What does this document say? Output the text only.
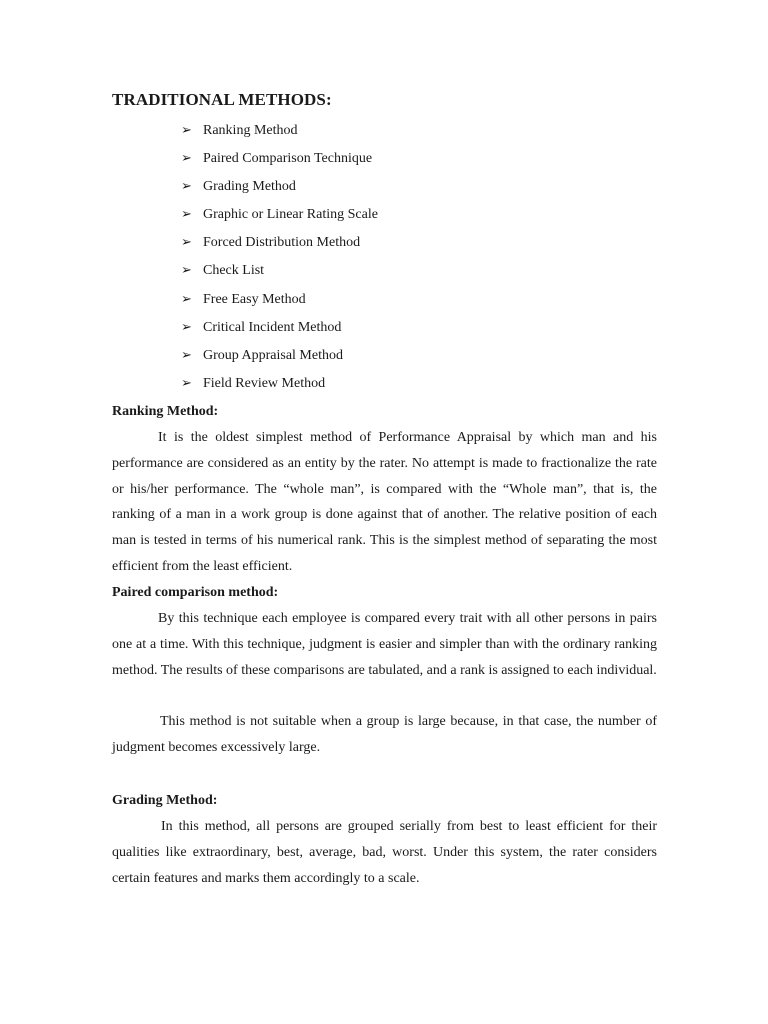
TRADITIONAL METHODS:
➢ Ranking Method
➢ Paired Comparison Technique
➢ Grading Method
➢ Graphic or Linear Rating Scale
➢ Forced Distribution Method
➢ Check List
➢ Free Easy Method
➢ Critical Incident Method
➢ Group Appraisal Method
➢ Field Review Method
Ranking Method:

It is the oldest simplest method of Performance Appraisal by which man and his performance are considered as an entity by the rater. No attempt is made to fractionalize the rate or his/her performance. The “whole man”, is compared with the “Whole man”, that is, the ranking of a man in a work group is done against that of another. The relative position of each man is tested in terms of his numerical rank. This is the simplest method of separating the most efficient from the least efficient.

Paired comparison method:

By this technique each employee is compared every trait with all other persons in pairs one at a time. With this technique, judgment is easier and simpler than with the ordinary ranking method. The results of these comparisons are tabulated, and a rank is assigned to each individual.

This method is not suitable when a group is large because, in that case, the number of judgment becomes excessively large.

Grading Method:

In this method, all persons are grouped serially from best to least efficient for their qualities like extraordinary, best, average, bad, worst. Under this system, the rater considers certain features and marks them accordingly to a scale.
